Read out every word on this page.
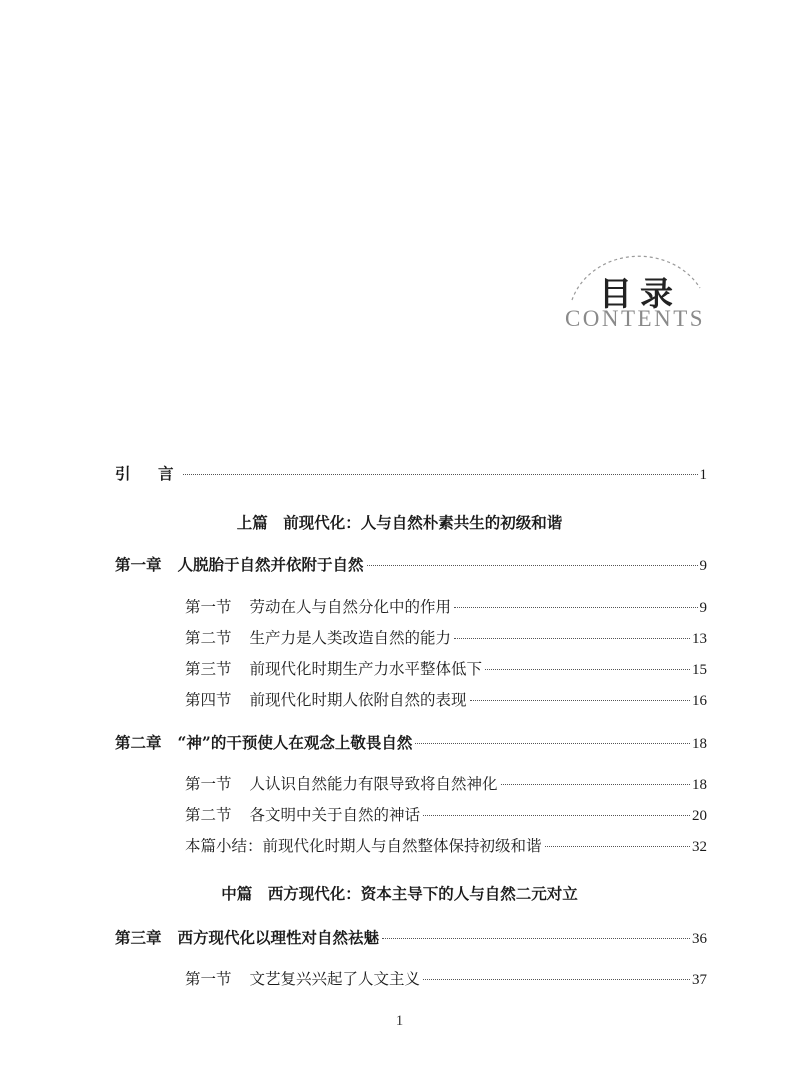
目录
CONTENTS
引　言	1
上篇　前现代化：人与自然朴素共生的初级和谐
第一章 人脱胎于自然并依附于自然	9
第一节 劳动在人与自然分化中的作用	9
第二节 生产力是人类改造自然的能力	13
第三节 前现代化时期生产力水平整体低下	15
第四节 前现代化时期人依附自然的表现	16
第二章 “神”的干预使人在观念上敬畏自然	18
第一节 人认识自然能力有限导致将自然神化	18
第二节 各文明中关于自然的神话	20
本篇小结：前现代化时期人与自然整体保持初级和谐	32
中篇　西方现代化：资本主导下的人与自然二元对立
第三章 西方现代化以理性对自然祛魅	36
第一节 文艺复兴兴起了人文主义	37
1
